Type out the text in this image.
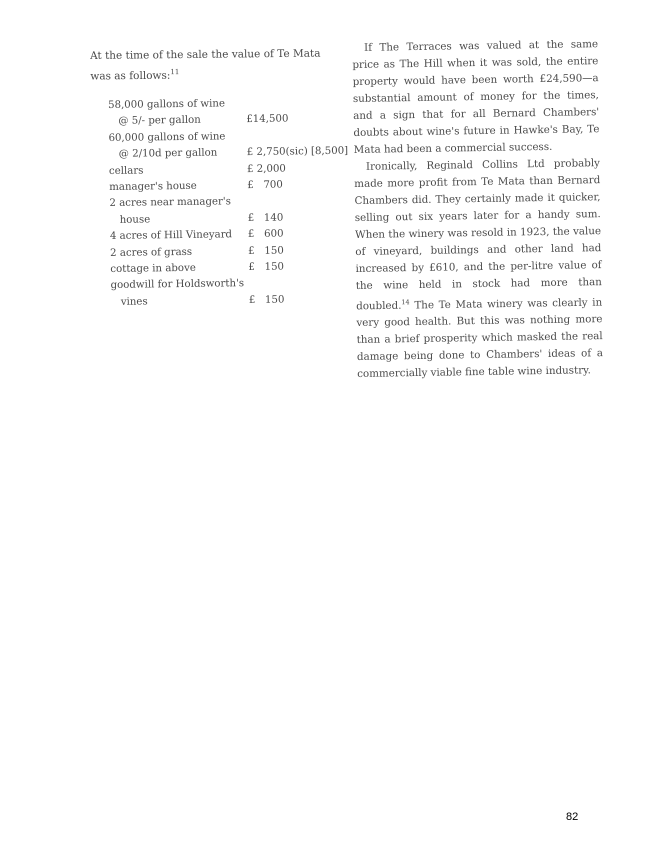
At the time of the sale the value of Te Mata was as follows:$^{11}$

58,000 gallons of wine	
@ 5/- per gallon	£14,500
60,000 gallons of wine	
@ 2/10d per gallon	£ 2,750(sic) [8,500]
cellars	£ 2,000
manager's house	£   700
2 acres near manager's	
house	£   140
4 acres of Hill Vineyard	£   600
2 acres of grass	£   150
cottage in above	£   150
goodwill for Holdsworth's	
vines	£   150

If The Terraces was valued at the same price as The Hill when it was sold, the entire property would have been worth £24,590—a substantial amount of money for the times, and a sign that for all Bernard Chambers' doubts about wine's future in Hawke's Bay, Te Mata had been a commercial success.

Ironically, Reginald Collins Ltd probably made more profit from Te Mata than Bernard Chambers did. They certainly made it quicker, selling out six years later for a handy sum. When the winery was resold in 1923, the value of vineyard, buildings and other land had increased by £610, and the per-litre value of the wine held in stock had more than doubled.$^{14}$ The Te Mata winery was clearly in very good health. But this was nothing more than a brief prosperity which masked the real damage being done to Chambers' ideas of a commercially viable fine table wine industry.

82
